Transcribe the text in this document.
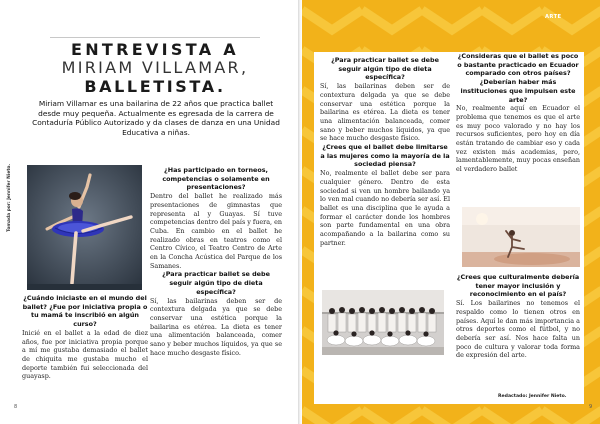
ENTREVISTA A
MIRIAM VILLAMAR,
BALLETISTA.
Miriam Villamar es una bailarina de 22 años que practica ballet desde muy pequeña. Actualmente es egresada de la carrera de Contaduría Público Autorizado y da clases de danza en una Unidad Educativa a niñas.
Tomada por: Jennifer Nieto.
¿Cuándo iniciaste en el mundo del ballet? ¿Fue por iniciativa propia o tu mamá te inscribió en algún curso?
Inicié en el ballet a la edad de diez años, fue por iniciativa propia porque a mí me gustaba demasiado el ballet de chiquita me gustaba mucho el deporte también fui seleccionada del guayasp.
¿Has participado en torneos, competencias o solamente en presentaciones?
Dentro del ballet he realizado más presentaciones de gimnastas que representa al y Guayas. Sí tuve competencias dentro del país y fuera, en Cuba. En cambio en el ballet he realizado obras en teatros como el Centro Cívico, el Teatro Centro de Arte en la Concha Acústica del Parque de los Samanes.
¿Para practicar ballet se debe seguir algún tipo de dieta específica?
Sí, las bailarinas deben ser de contextura delgada ya que se debe conservar una estética porque la bailarina es etérea. La dieta es tener una alimentación balanceada, comer sano y beber muchos líquidos, ya que se hace mucho desgaste físico.
8
ARTE
¿Para practicar ballet se debe seguir algún tipo de dieta específica?
Sí, las bailarinas deben ser de contextura delgada ya que se debe conservar una estética porque la bailarina es etérea. La dieta es tener una alimentación balanceada, comer sano y beber muchos líquidos, ya que se hace mucho desgaste físico.
¿Crees que el ballet debe limitarse a las mujeres como la mayoría de la sociedad piensa?
No, realmente el ballet debe ser para cualquier género. Dentro de esta sociedad si ven un hombre bailando ya lo ven mal cuando no debería ser así. El ballet es una disciplina que le ayuda a formar el carácter donde los hombres son parte fundamental en una obra acompañando a la bailarina como su partner.
¿Consideras que el ballet es poco o bastante practicado en Ecuador comparado con otros países? ¿Deberían haber más instituciones que impulsen este arte?
No, realmente aquí en Ecuador el problema que tenemos es que el arte es muy poco valorado y no hay los recursos suficientes, pero hoy en día están tratando de cambiar eso y cada vez existen más academias, pero, lamentablemente, muy pocas enseñan el verdadero ballet
¿Crees que culturalmente debería tener mayor inclusión y reconocimiento en el país?
Sí. Los bailarines no tenemos el respaldo como lo tienen otros en países. Aquí le dan más importancia a otros deportes como el fútbol, y no debería ser así. Nos hace falta un poco de cultura y valorar toda forma de expresión del arte.
Redactado: Jennifer Nieto.
9
